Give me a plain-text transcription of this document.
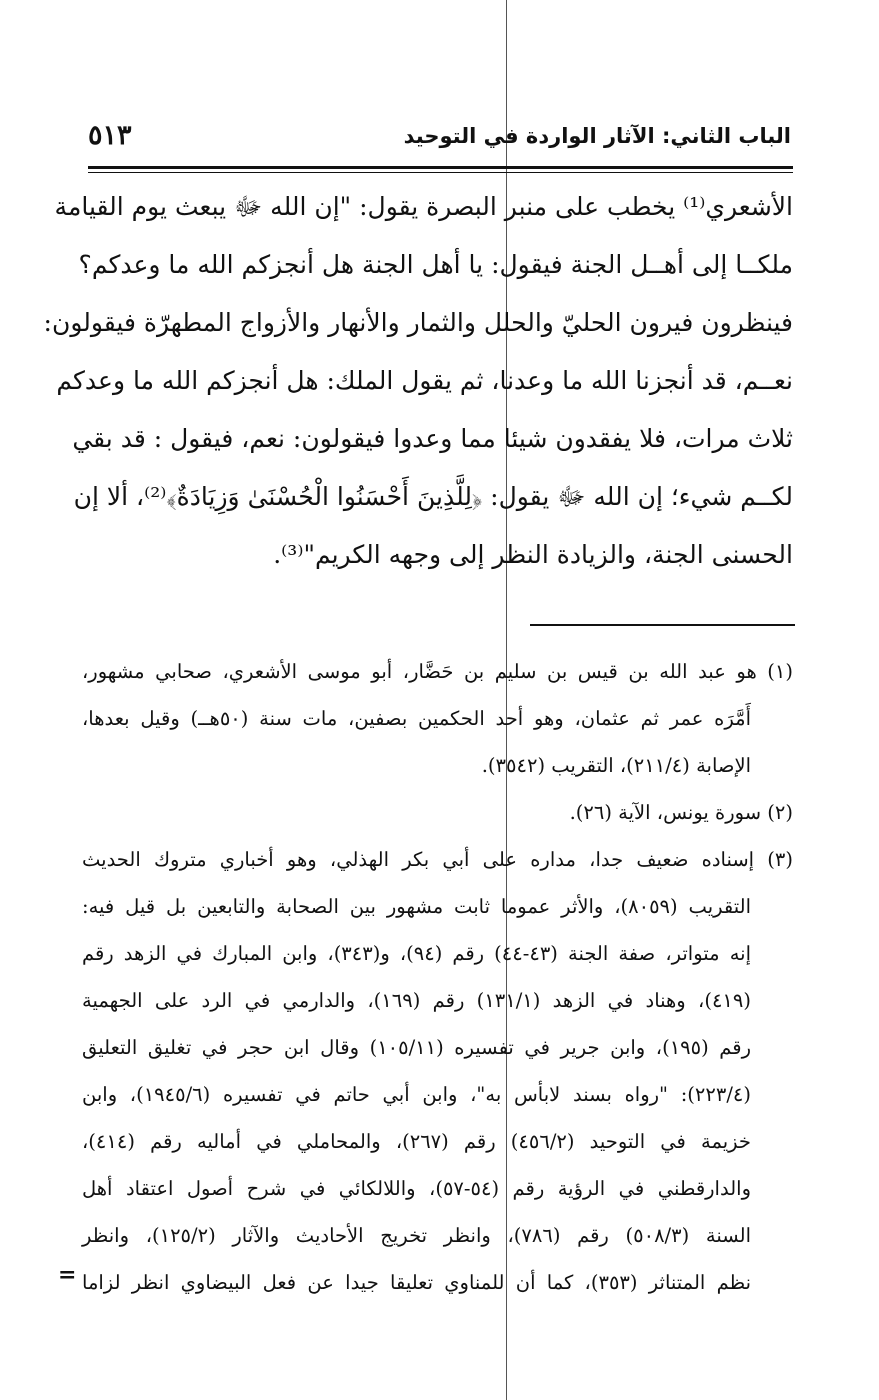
٥١٣	الباب الثاني: الآثار الواردة في التوحيد
الأشعري⁽¹⁾ يخطب على منبر البصرة يقول: "إن الله ﷻ يبعث يوم القيامة
ملكــا إلى أهــل الجنة فيقول: يا أهل الجنة هل أنجزكم الله ما وعدكم؟
فينظرون فيرون الحليّ والحلل والثمار والأنهار والأزواج المطهرّة فيقولون:
نعــم، قد أنجزنا الله ما وعدنا، ثم يقول الملك: هل أنجزكم الله ما وعدكم
ثلاث مرات، فلا يفقدون شيئا مما وعدوا فيقولون: نعم، فيقول : قد بقي
لكــم شيء؛ إن الله ﷻ يقول: ﴿لِلَّذِينَ أَحْسَنُوا الْحُسْنَىٰ وَزِيَادَةٌ﴾⁽²⁾، ألا إن
الحسنى الجنة، والزيادة النظر إلى وجهه الكريم"⁽³⁾.
(١) هو عبد الله بن قيس بن سليم بن حَضَّار، أبو موسى الأشعري، صحابي مشهور،
أَمَّرَه عمر ثم عثمان، وهو أحد الحكمين بصفين، مات سنة (٥٠هــ) وقيل بعدها،
الإصابة (٢١١/٤)، التقريب (٣٥٤٢).
(٢) سورة يونس، الآية (٢٦).
(٣) إسناده ضعيف جدا، مداره على أبي بكر الهذلي، وهو أخباري متروك الحديث
التقريب (٨٠٥٩)، والأثر عموما ثابت مشهور بين الصحابة والتابعين بل قيل فيه:
إنه متواتر، صفة الجنة (٤٣-٤٤) رقم (٩٤)، و(٣٤٣)، وابن المبارك في الزهد رقم
(٤١٩)، وهناد في الزهد (١٣١/١) رقم (١٦٩)، والدارمي في الرد على الجهمية
رقم (١٩٥)، وابن جرير في تفسيره (١٠٥/١١) وقال ابن حجر في تغليق التعليق
(٢٢٣/٤): "رواه بسند لابأس به"، وابن أبي حاتم في تفسيره (١٩٤٥/٦)، وابن
خزيمة في التوحيد (٤٥٦/٢) رقم (٢٦٧)، والمحاملي في أماليه رقم (٤١٤)،
والدارقطني في الرؤية رقم (٥٤-٥٧)، واللالكائي في شرح أصول اعتقاد أهل
السنة (٥٠٨/٣) رقم (٧٨٦)، وانظر تخريج الأحاديث والآثار (١٢٥/٢)، وانظر
نظم المتناثر (٣٥٣)، كما أن للمناوي تعليقا جيدا عن فعل البيضاوي انظر لزاما
=
